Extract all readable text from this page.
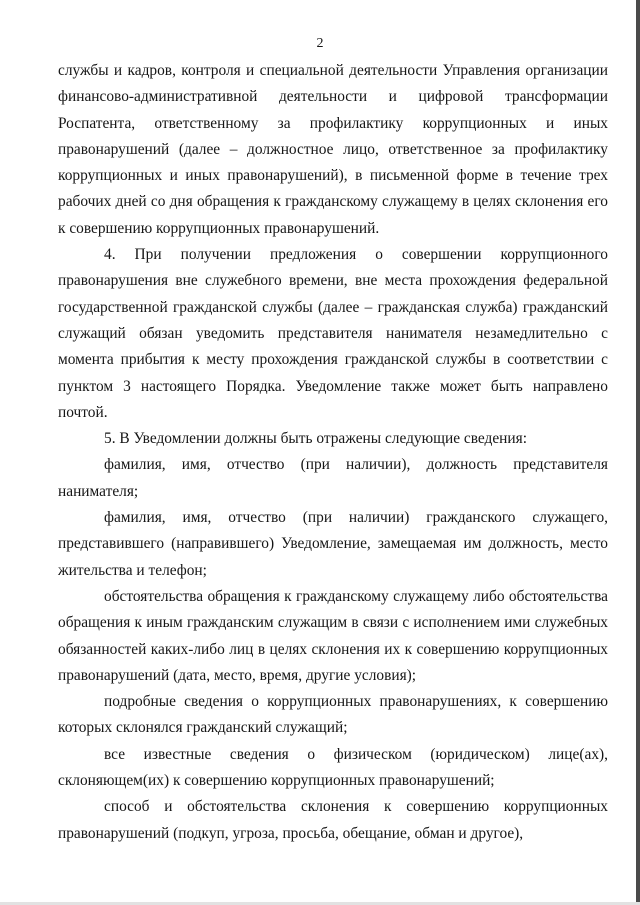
2

службы и кадров, контроля и специальной деятельности Управления организации финансово-административной деятельности и цифровой трансформации Роспатента, ответственному за профилактику коррупционных и иных правонарушений (далее – должностное лицо, ответственное за профилактику коррупционных и иных правонарушений), в письменной форме в течение трех рабочих дней со дня обращения к гражданскому служащему в целях склонения его к совершению коррупционных правонарушений.

4. При получении предложения о совершении коррупционного правонарушения вне служебного времени, вне места прохождения федеральной государственной гражданской службы (далее – гражданская служба) гражданский служащий обязан уведомить представителя нанимателя незамедлительно с момента прибытия к месту прохождения гражданской службы в соответствии с пунктом 3 настоящего Порядка. Уведомление также может быть направлено почтой.

5. В Уведомлении должны быть отражены следующие сведения:

фамилия, имя, отчество (при наличии), должность представителя нанимателя;

фамилия, имя, отчество (при наличии) гражданского служащего, представившего (направившего) Уведомление, замещаемая им должность, место жительства и телефон;

обстоятельства обращения к гражданскому служащему либо обстоятельства обращения к иным гражданским служащим в связи с исполнением ими служебных обязанностей каких-либо лиц в целях склонения их к совершению коррупционных правонарушений (дата, место, время, другие условия);

подробные сведения о коррупционных правонарушениях, к совершению которых склонялся гражданский служащий;

все известные сведения о физическом (юридическом) лице(ах), склоняющем(их) к совершению коррупционных правонарушений;

способ и обстоятельства склонения к совершению коррупционных правонарушений (подкуп, угроза, просьба, обещание, обман и другое),
